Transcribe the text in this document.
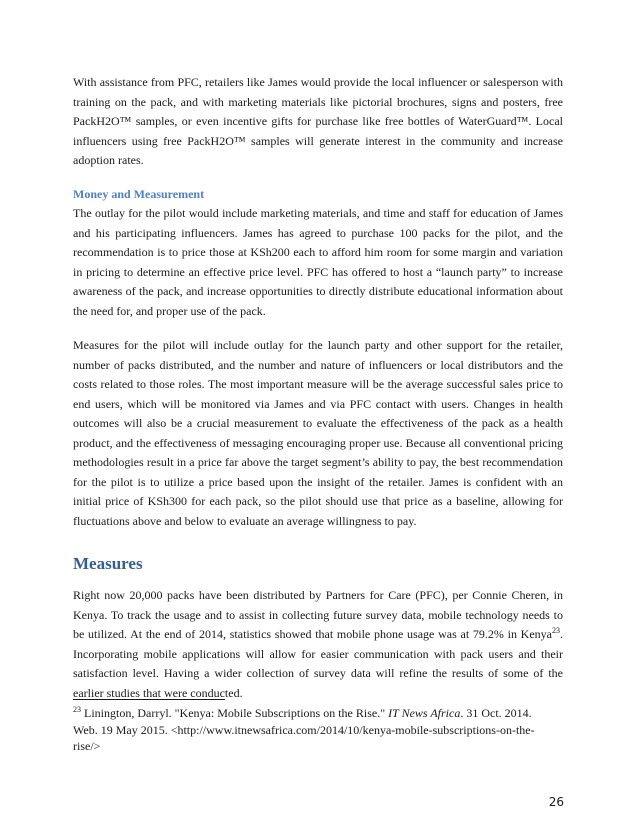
With assistance from PFC, retailers like James would provide the local influencer or salesperson with training on the pack, and with marketing materials like pictorial brochures, signs and posters, free PackH2O™ samples, or even incentive gifts for purchase like free bottles of WaterGuard™. Local influencers using free PackH2O™ samples will generate interest in the community and increase adoption rates.

Money and Measurement

The outlay for the pilot would include marketing materials, and time and staff for education of James and his participating influencers. James has agreed to purchase 100 packs for the pilot, and the recommendation is to price those at KSh200 each to afford him room for some margin and variation in pricing to determine an effective price level. PFC has offered to host a “launch party” to increase awareness of the pack, and increase opportunities to directly distribute educational information about the need for, and proper use of the pack.

Measures for the pilot will include outlay for the launch party and other support for the retailer, number of packs distributed, and the number and nature of influencers or local distributors and the costs related to those roles. The most important measure will be the average successful sales price to end users, which will be monitored via James and via PFC contact with users. Changes in health outcomes will also be a crucial measurement to evaluate the effectiveness of the pack as a health product, and the effectiveness of messaging encouraging proper use. Because all conventional pricing methodologies result in a price far above the target segment’s ability to pay, the best recommendation for the pilot is to utilize a price based upon the insight of the retailer. James is confident with an initial price of KSh300 for each pack, so the pilot should use that price as a baseline, allowing for fluctuations above and below to evaluate an average willingness to pay.

Measures

Right now 20,000 packs have been distributed by Partners for Care (PFC), per Connie Cheren, in Kenya. To track the usage and to assist in collecting future survey data, mobile technology needs to be utilized. At the end of 2014, statistics showed that mobile phone usage was at 79.2% in Kenya$^{23}$. Incorporating mobile applications will allow for easier communication with pack users and their satisfaction level. Having a wider collection of survey data will refine the results of some of the earlier studies that were conducted.

$^{23}$ Linington, Darryl. "Kenya: Mobile Subscriptions on the Rise." IT News Africa. 31 Oct. 2014. Web. 19 May 2015. <http://www.itnewsafrica.com/2014/10/kenya-mobile-subscriptions-on-the-rise/>
26
